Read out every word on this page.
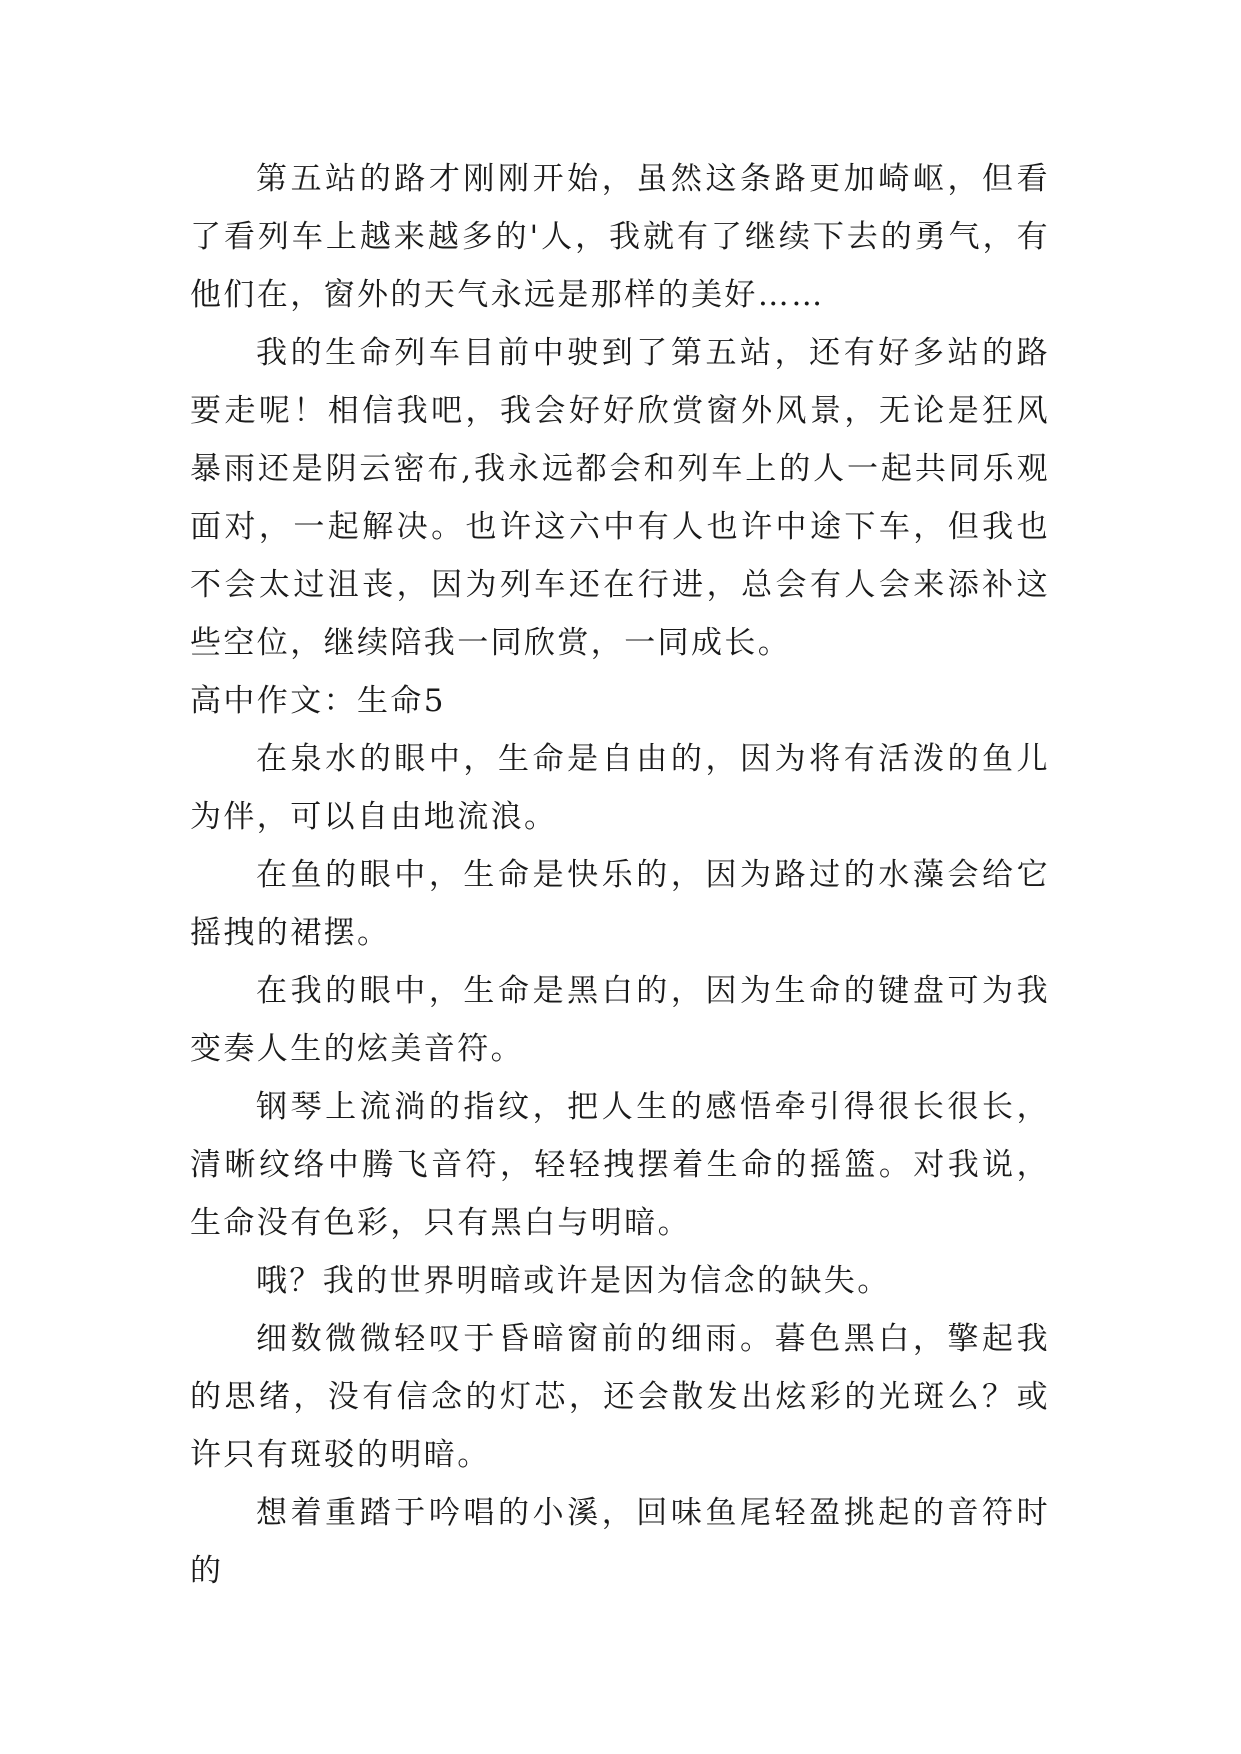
第五站的路才刚刚开始，虽然这条路更加崎岖，但看了看列车上越来越多的'人，我就有了继续下去的勇气，有他们在，窗外的天气永远是那样的美好……

我的生命列车目前中驶到了第五站，还有好多站的路要走呢！相信我吧，我会好好欣赏窗外风景，无论是狂风暴雨还是阴云密布,我永远都会和列车上的人一起共同乐观面对，一起解决。也许这六中有人也许中途下车，但我也不会太过沮丧，因为列车还在行进，总会有人会来添补这些空位，继续陪我一同欣赏，一同成长。

高中作文：生命5

在泉水的眼中，生命是自由的，因为将有活泼的鱼儿为伴，可以自由地流浪。

在鱼的眼中，生命是快乐的，因为路过的水藻会给它摇拽的裙摆。

在我的眼中，生命是黑白的，因为生命的键盘可为我变奏人生的炫美音符。

钢琴上流淌的指纹，把人生的感悟牵引得很长很长，清晰纹络中腾飞音符，轻轻拽摆着生命的摇篮。对我说，生命没有色彩，只有黑白与明暗。

哦？我的世界明暗或许是因为信念的缺失。

细数微微轻叹于昏暗窗前的细雨。暮色黑白，擎起我的思绪，没有信念的灯芯，还会散发出炫彩的光斑么？或许只有斑驳的明暗。

想着重踏于吟唱的小溪，回味鱼尾轻盈挑起的音符时的
